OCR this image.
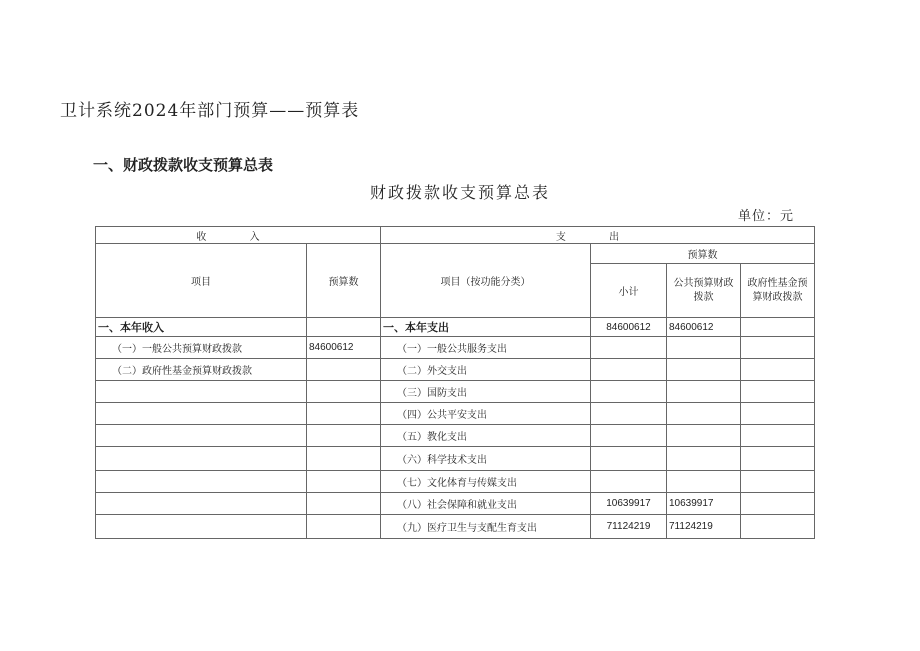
卫计系统2024年部门预算——预算表
一、财政拨款收支预算总表
财政拨款收支预算总表
单位：元
收 入		支 出			
项目	预算数	项目（按功能分类）	预算数		
			小计	公共预算财政拨款	政府性基金预算财政拨款
一、本年收入		一、本年支出	84600612	84600612	
（一）一般公共预算财政拨款	84600612	（一）一般公共服务支出			
（二）政府性基金预算财政拨款		（二）外交支出			
		（三）国防支出			
		（四）公共平安支出			
		（五）教化支出			
		（六）科学技术支出			
		（七）文化体育与传媒支出			
		（八）社会保障和就业支出	10639917	10639917	
		（九）医疗卫生与支配生育支出	71124219	71124219	
